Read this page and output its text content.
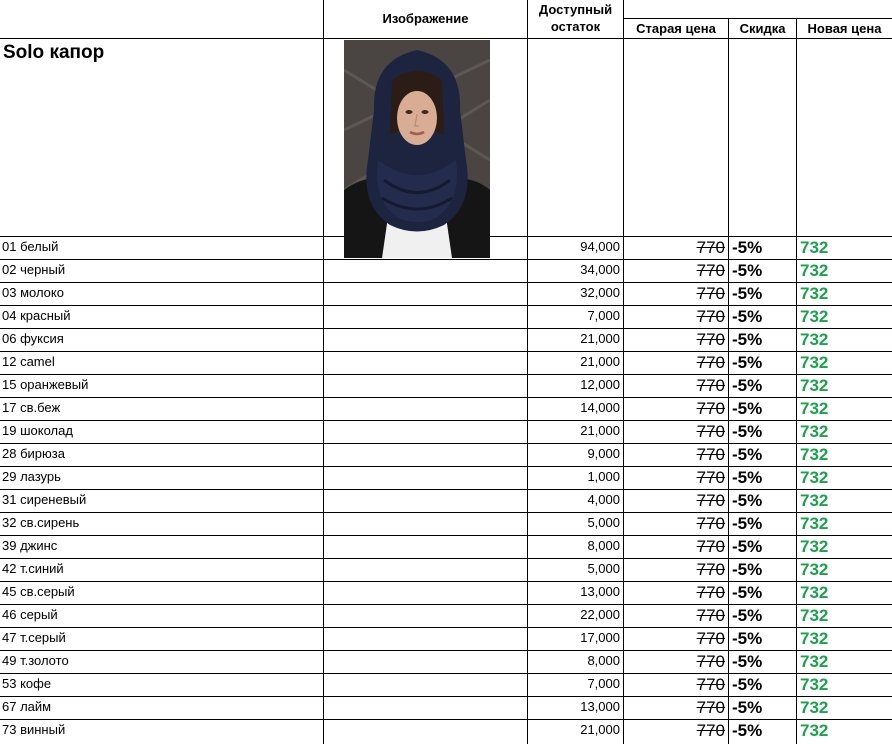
Изображение
Доступный
остаток	Старая цена	Скидка	Новая цена
Solo капор
01 белый	94,000	770 -5% 732
02 черный	34,000	770 -5% 732
03 молоко	32,000	770 -5% 732
04 красный	7,000	770 -5% 732
06 фуксия	21,000	770 -5% 732
12 camel	21,000	770 -5% 732
15 оранжевый	12,000	770 -5% 732
17 св.беж	14,000	770 -5% 732
19 шоколад	21,000	770 -5% 732
28 бирюза	9,000	770 -5% 732
29 лазурь	1,000	770 -5% 732
31 сиреневый	4,000	770 -5% 732
32 св.сирень	5,000	770 -5% 732
39 джинс	8,000	770 -5% 732
42 т.синий	5,000	770 -5% 732
45 св.серый	13,000	770 -5% 732
46 серый	22,000	770 -5% 732
47 т.серый	17,000	770 -5% 732
49 т.золото	8,000	770 -5% 732
53 кофе	7,000	770 -5% 732
67 лайм	13,000	770 -5% 732
73 винный	21,000	770 -5% 732
